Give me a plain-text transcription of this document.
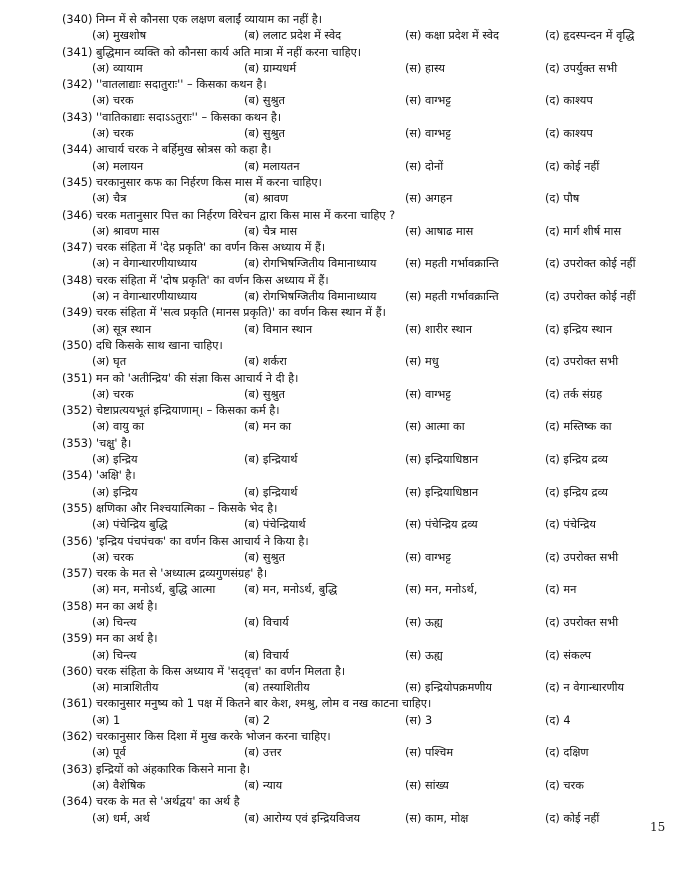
(340) निम्न में से कौनसा एक लक्षण बलाईं व्यायाम का नहीं है।
(अ) मुखशोष	(ब) ललाट प्रदेश में स्वेद	(स) कक्षा प्रदेश में स्वेद	(द) हृदस्पन्दन में वृद्धि
(341) बुद्धिमान व्यक्ति को कौनसा कार्य अति मात्रा में नहीं करना चाहिए।
(अ) व्यायाम	(ब) ग्राम्यधर्म	(स) हास्य	(द) उपर्युक्त सभी
(342) ''वातलाद्याः सदातुराः'' – किसका कथन है।
(अ) चरक	(ब) सुश्रुत	(स) वाग्भट्ट	(द) काश्यप
(343) ''वातिकाद्याः सदाऽऽतुराः'' – किसका कथन है।
(अ) चरक	(ब) सुश्रुत	(स) वाग्भट्ट	(द) काश्यप
(344) आचार्य चरक ने बर्हिमुख स्रोत्रस को कहा है।
(अ) मलायन	(ब) मलायतन	(स) दोनों	(द) कोई नहीं
(345) चरकानुसार कफ का निर्हरण किस मास में करना चाहिए।
(अ) चैत्र	(ब) श्रावण	(स) अगहन	(द) पौष
(346) चरक मतानुसार पित्त का निर्हरण विरेचन द्वारा किस मास में करना चाहिए ?
(अ) श्रावण मास	(ब) चैत्र मास	(स) आषाढ मास	(द) मार्ग शीर्ष मास
(347) चरक संहिता में 'देह प्रकृति' का वर्णन किस अध्याय में हैं।
(अ) न वेगान्धारणीयाध्याय	(ब) रोगभिषग्जितीय विमानाध्याय	(स) महती गर्भावक्रान्ति	(द) उपरोक्त कोई नहीं
(348) चरक संहिता में 'दोष प्रकृति' का वर्णन किस अध्याय में हैं।
(अ) न वेगान्धारणीयाध्याय	(ब) रोगभिषग्जितीय विमानाध्याय	(स) महती गर्भावक्रान्ति	(द) उपरोक्त कोई नहीं
(349) चरक संहिता में 'सत्व प्रकृति (मानस प्रकृति)' का वर्णन किस स्थान में हैं।
(अ) सूत्र स्थान	(ब) विमान स्थान	(स) शारीर स्थान	(द) इन्द्रिय स्थान
(350) दधि किसके साथ खाना चाहिए।
(अ) घृत	(ब) शर्करा	(स) मधु	(द) उपरोक्त सभी
(351) मन को 'अतीन्द्रिय' की संज्ञा किस आचार्य ने दी है।
(अ) चरक	(ब) सुश्रुत	(स) वाग्भट्ट	(द) तर्क संग्रह
(352) चेष्टाप्रत्ययभूतं इन्द्रियाणाम्। – किसका कर्म है।
(अ) वायु का	(ब) मन का	(स) आत्मा का	(द) मस्तिष्क का
(353) 'चक्षु' है।
(अ) इन्द्रिय	(ब) इन्द्रियार्थ	(स) इन्द्रियाधिष्ठान	(द) इन्द्रिय द्रव्य
(354) 'अक्षि' है।
(अ) इन्द्रिय	(ब) इन्द्रियार्थ	(स) इन्द्रियाधिष्ठान	(द) इन्द्रिय द्रव्य
(355) क्षणिका और निश्चयात्मिका – किसके भेद है।
(अ) पंचेन्द्रिय बुद्धि	(ब) पंचेन्द्रियार्थ	(स) पंचेन्द्रिय द्रव्य	(द) पंचेन्द्रिय
(356) 'इन्द्रिय पंचपंचक' का वर्णन किस आचार्य ने किया है।
(अ) चरक	(ब) सुश्रुत	(स) वाग्भट्ट	(द) उपरोक्त सभी
(357) चरक के मत से 'अध्यात्म द्रव्यगुणसंग्रह' है।
(अ) मन, मनोऽर्थ, बुद्धि आत्मा	(ब) मन, मनोऽर्थ, बुद्धि	(स) मन, मनोऽर्थ,	(द) मन
(358) मन का अर्थ है।
(अ) चिन्त्य	(ब) विचार्य	(स) ऊह्य	(द) उपरोक्त सभी
(359) मन का अर्थ है।
(अ) चिन्त्य	(ब) विचार्य	(स) ऊह्य	(द) संकल्प
(360) चरक संहिता के किस अध्याय में 'सद्‌वृत्त' का वर्णन मिलता है।
(अ) मात्राशितीय	(ब) तस्याशितीय	(स) इन्द्रियोपक्रमणीय	(द) न वेगान्धारणीय
(361) चरकानुसार मनुष्य को 1 पक्ष में कितने बार केश, श्मश्रु, लोम व नख काटना चाहिए।
(अ) 1	(ब) 2	(स) 3	(द) 4
(362) चरकानुसार किस दिशा में मुख करके भोजन करना चाहिए।
(अ) पूर्व	(ब) उत्तर	(स) पश्चिम	(द) दक्षिण
(363) इन्द्रियों को अंहकारिक किसने माना है।
(अ) वैशेषिक	(ब) न्याय	(स) सांख्य	(द) चरक
(364) चरक के मत से 'अर्थद्वय' का अर्थ है
(अ) धर्म, अर्थ	(ब) आरोग्य एवं इन्द्रियविजय	(स) काम, मोक्ष	(द) कोई नहीं
15
